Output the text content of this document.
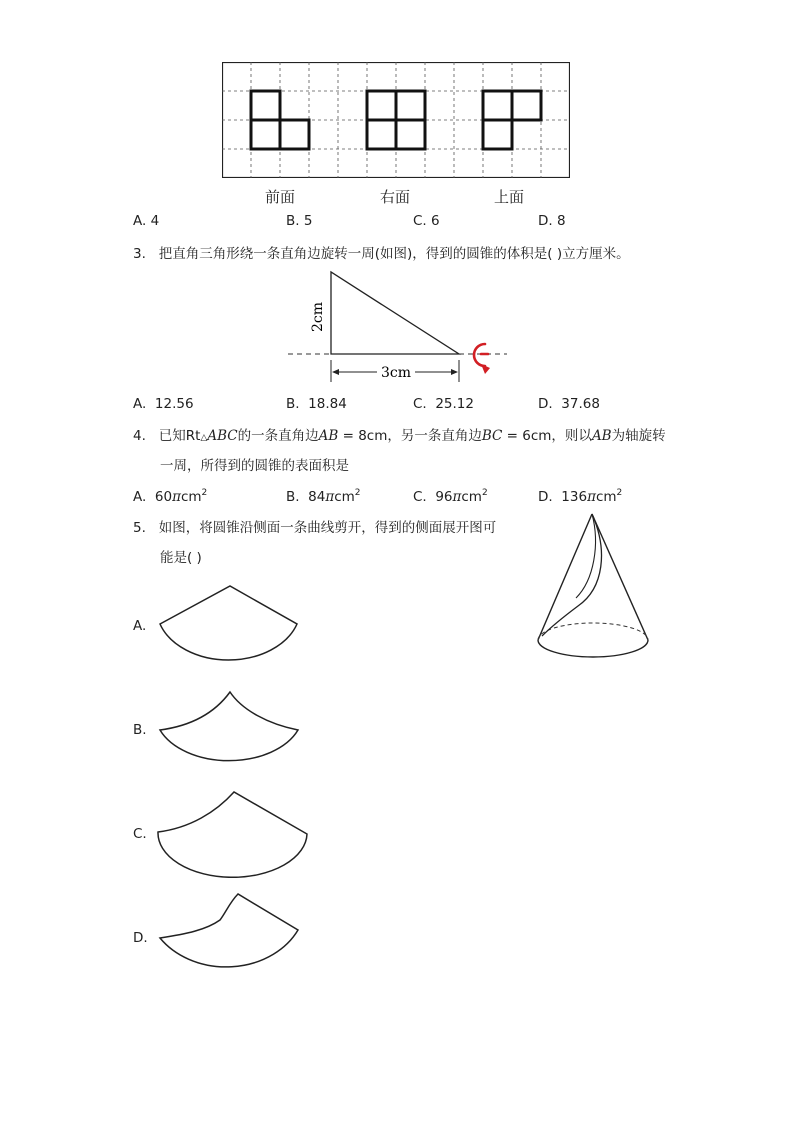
前面	右面	上面
A. 4	B. 5	C. 6	D. 8
3. 把直角三角形绕一条直角边旋转一周(如图)，得到的圆锥的体积是( )立方厘米。
2cm
3cm
A. 12.56	B. 18.84	C. 25.12	D. 37.68
4. 已知Rt△ABC的一条直角边AB = 8cm，另一条直角边BC = 6cm，则以AB为轴旋转
一周，所得到的圆锥的表面积是
A. 60πcm$^2$	B. 84πcm$^2$	C. 96πcm$^2$	D. 136πcm$^2$
5. 如图，将圆锥沿侧面一条曲线剪开，得到的侧面展开图可
能是( )
A.
B.
C.
D.
